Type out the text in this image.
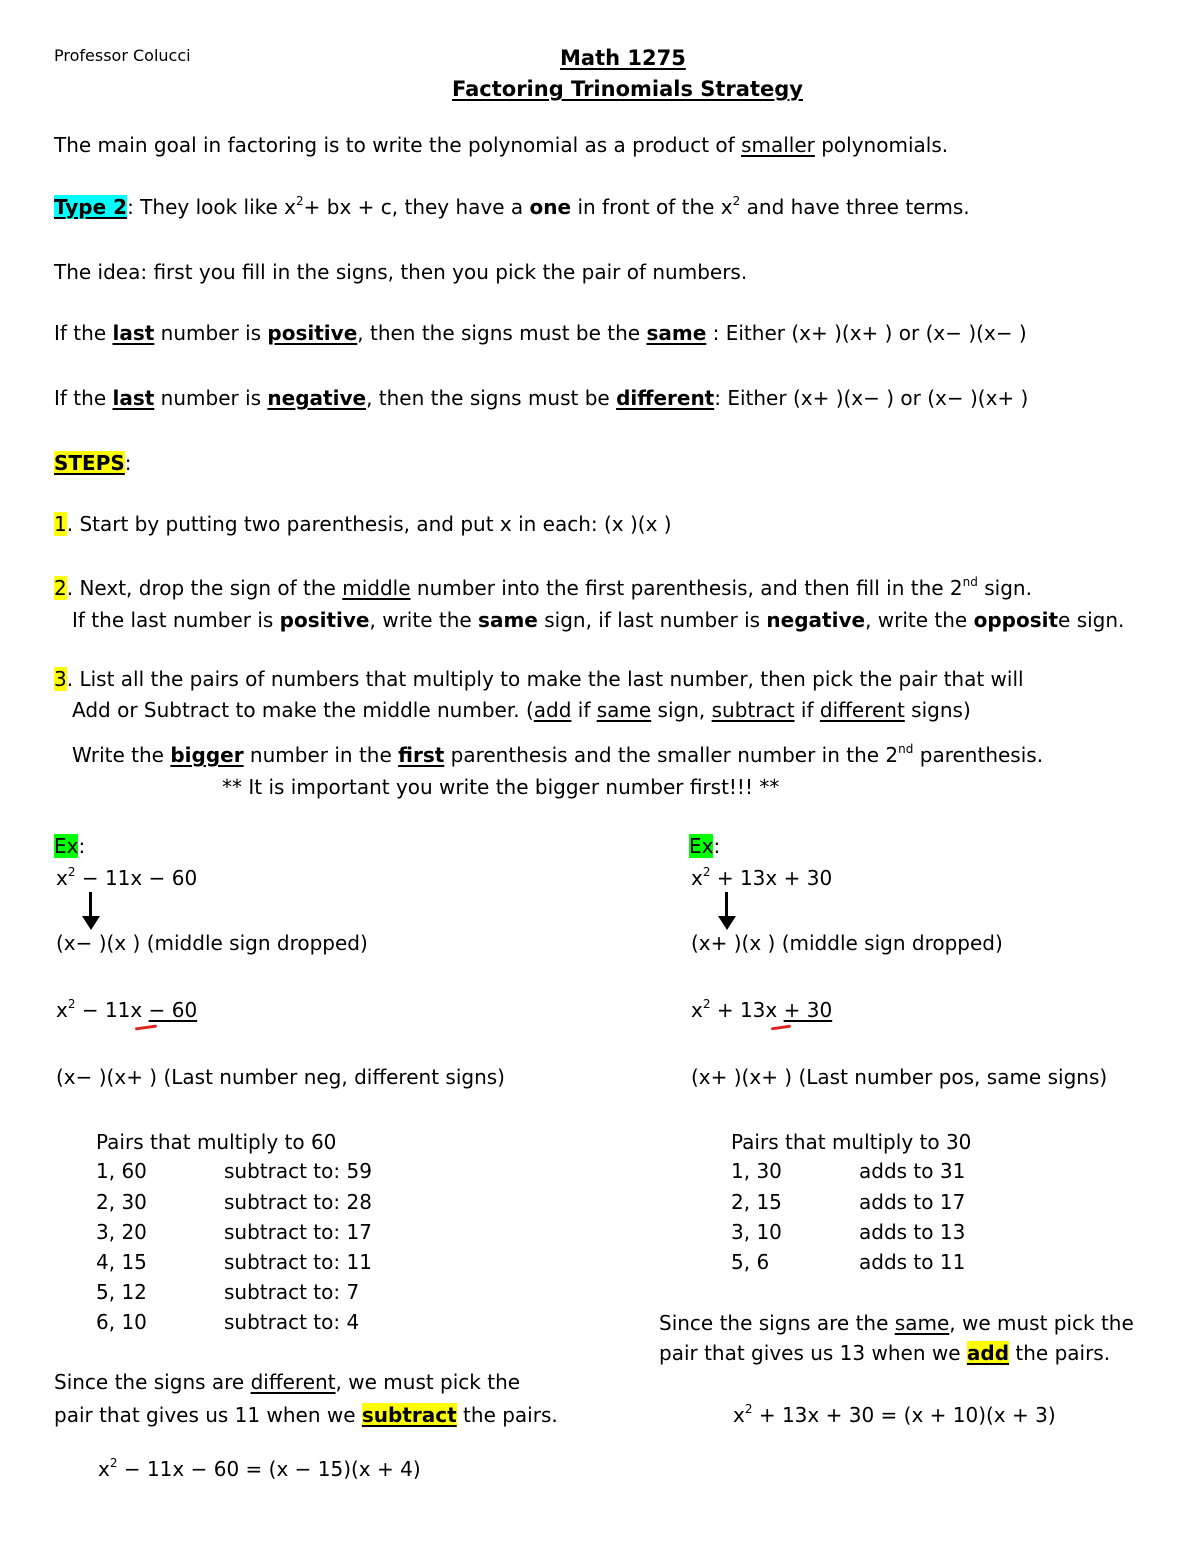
Professor Colucci	Math 1275
Factoring Trinomials Strategy
The main goal in factoring is to write the polynomial as a product of smaller polynomials.
Type 2: They look like $x^2+$ bx + c, they have a one in front of the $x^2$ and have three terms.
The idea: first you fill in the signs, then you pick the pair of numbers.
If the last number is positive, then the signs must be the same : Either (x+ )(x+ ) or (x− )(x− )
If the last number is negative, then the signs must be different: Either (x+ )(x− ) or (x− )(x+ )
STEPS:
1. Start by putting two parenthesis, and put x in each: (x )(x )
2. Next, drop the sign of the middle number into the first parenthesis, and then fill in the 2nd sign.
If the last number is positive, write the same sign, if last number is negative, write the opposite sign.
3. List all the pairs of numbers that multiply to make the last number, then pick the pair that will
Add or Subtract to make the middle number. (add if same sign, subtract if different signs)
Write the bigger number in the first parenthesis and the smaller number in the 2nd parenthesis.
** It is important you write the bigger number first!!! **
Ex:
$x^2 - 11x - 60$
(x− )(x ) (middle sign dropped)
$x^2 - 11x - 60$
(x− )(x+ ) (Last number neg, different signs)
Pairs that multiply to 60
1, 60	subtract to: 59
2, 30	subtract to: 28
3, 20	subtract to: 17
4, 15	subtract to: 11
5, 12	subtract to: 7
6, 10	subtract to: 4
Since the signs are different, we must pick the
pair that gives us 11 when we subtract the pairs.
$x^2 - 11x - 60 = (x - 15)(x + 4)$
Ex:
$x^2 + 13x + 30$
(x+ )(x ) (middle sign dropped)
$x^2 + 13x + 30$
(x+ )(x+ ) (Last number pos, same signs)
Pairs that multiply to 30
1, 30	adds to 31
2, 15	adds to 17
3, 10	adds to 13
5, 6	adds to 11
Since the signs are the same, we must pick the
pair that gives us 13 when we add the pairs.
$x^2 + 13x + 30 = (x + 10)(x + 3)$
